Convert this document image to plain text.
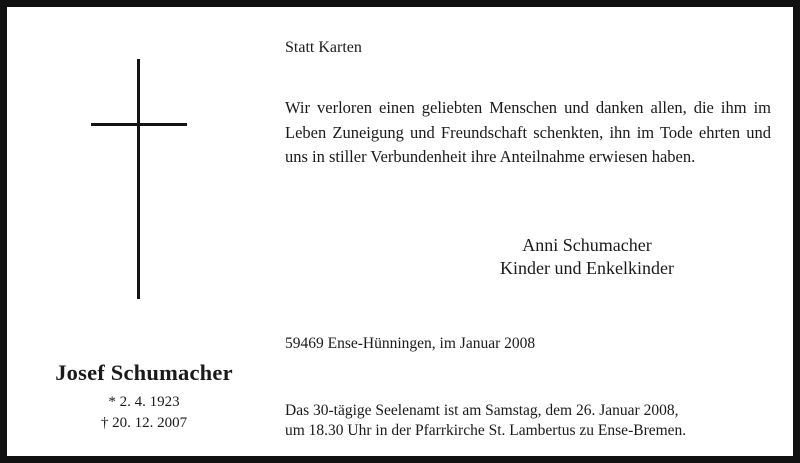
Statt Karten
Wir verloren einen geliebten Menschen und danken allen, die ihm im Leben Zuneigung und Freundschaft schenkten, ihn im Tode ehrten und uns in stiller Verbundenheit ihre Anteilnahme erwiesen haben.
Anni Schumacher
Kinder und Enkelkinder
59469 Ense-Hünningen, im Januar 2008
Josef Schumacher
* 2. 4. 1923
† 20. 12. 2007
Das 30-tägige Seelenamt ist am Samstag, dem 26. Januar 2008,
um 18.30 Uhr in der Pfarrkirche St. Lambertus zu Ense-Bremen.
